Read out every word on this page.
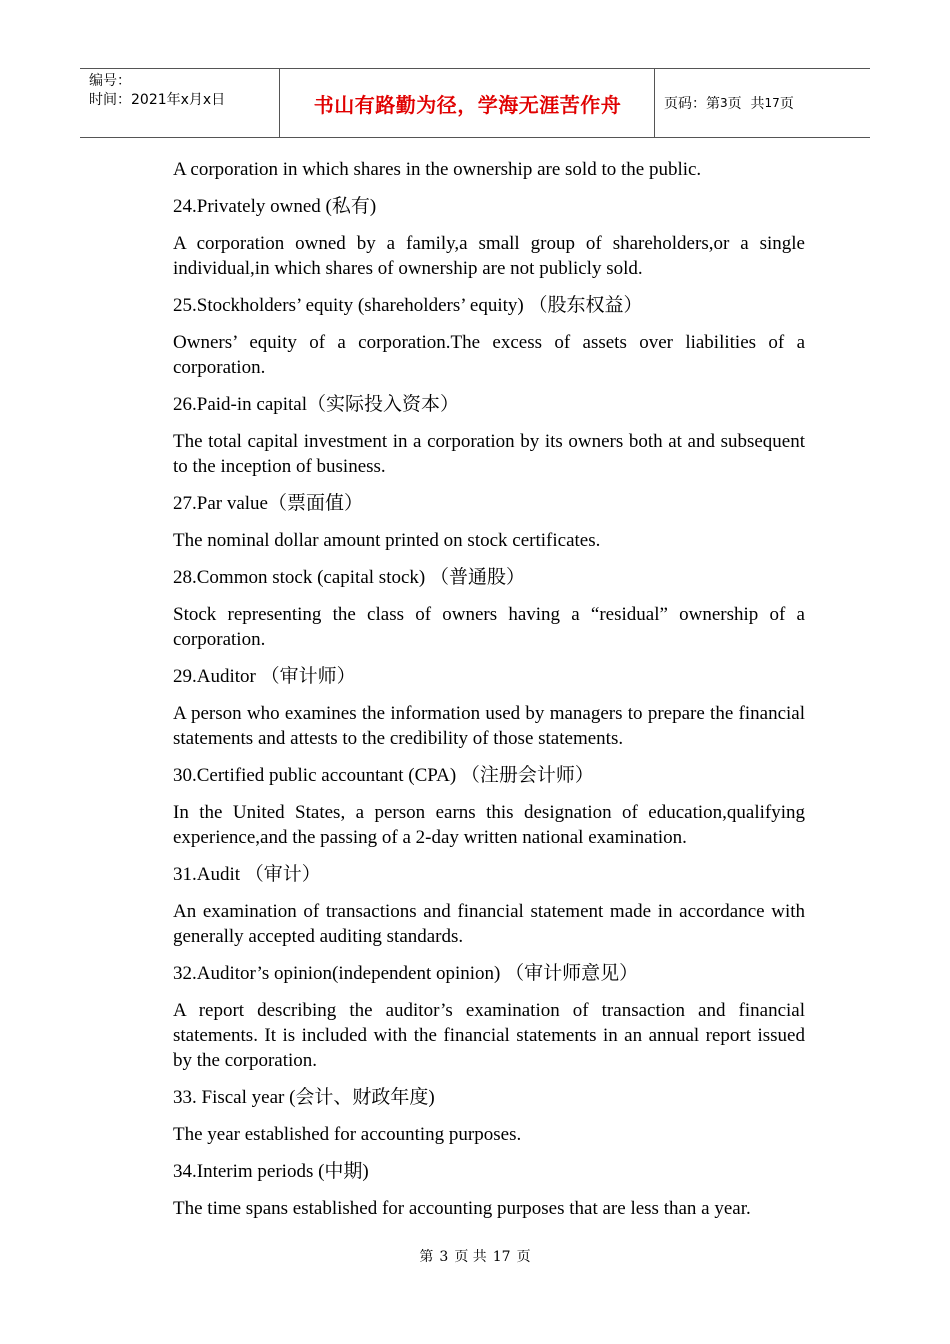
编号：
时间：2021年x月x日	书山有路勤为径，学海无涯苦作舟	页码：第 3 页  共 17 页

A corporation in which shares in the ownership are sold to the public.

24.Privately owned (私有)

A corporation owned by a family,a small group of shareholders,or a single individual,in which shares of ownership are not publicly sold.

25.Stockholders’ equity (shareholders’ equity) （股东权益）

Owners’ equity of a corporation.The excess of assets over liabilities of a corporation.

26.Paid-in capital（实际投入资本）

The total capital investment in a corporation by its owners both at and subsequent to the inception of business.

27.Par value（票面值）

The nominal dollar amount printed on stock certificates.

28.Common stock (capital stock) （普通股）

Stock representing the class of owners having a “residual” ownership of a corporation.

29.Auditor （审计师）

A person who examines the information used by managers to prepare the financial statements and attests to the credibility of those statements.

30.Certified public accountant (CPA) （注册会计师）

In the United States, a person earns this designation of education,qualifying experience,and the passing of a 2-day written national examination.

31.Audit （审计）

An examination of transactions and financial statement made in accordance with generally accepted auditing standards.

32.Auditor’s opinion(independent opinion) （审计师意见）

A report describing the auditor’s examination of transaction and financial statements. It is included with the financial statements in an annual report issued by the corporation.

33. Fiscal year (会计、财政年度)

The year established for accounting purposes.

34.Interim periods (中期)

The time spans established for accounting purposes that are less than a year.

第 3 页 共 17 页
